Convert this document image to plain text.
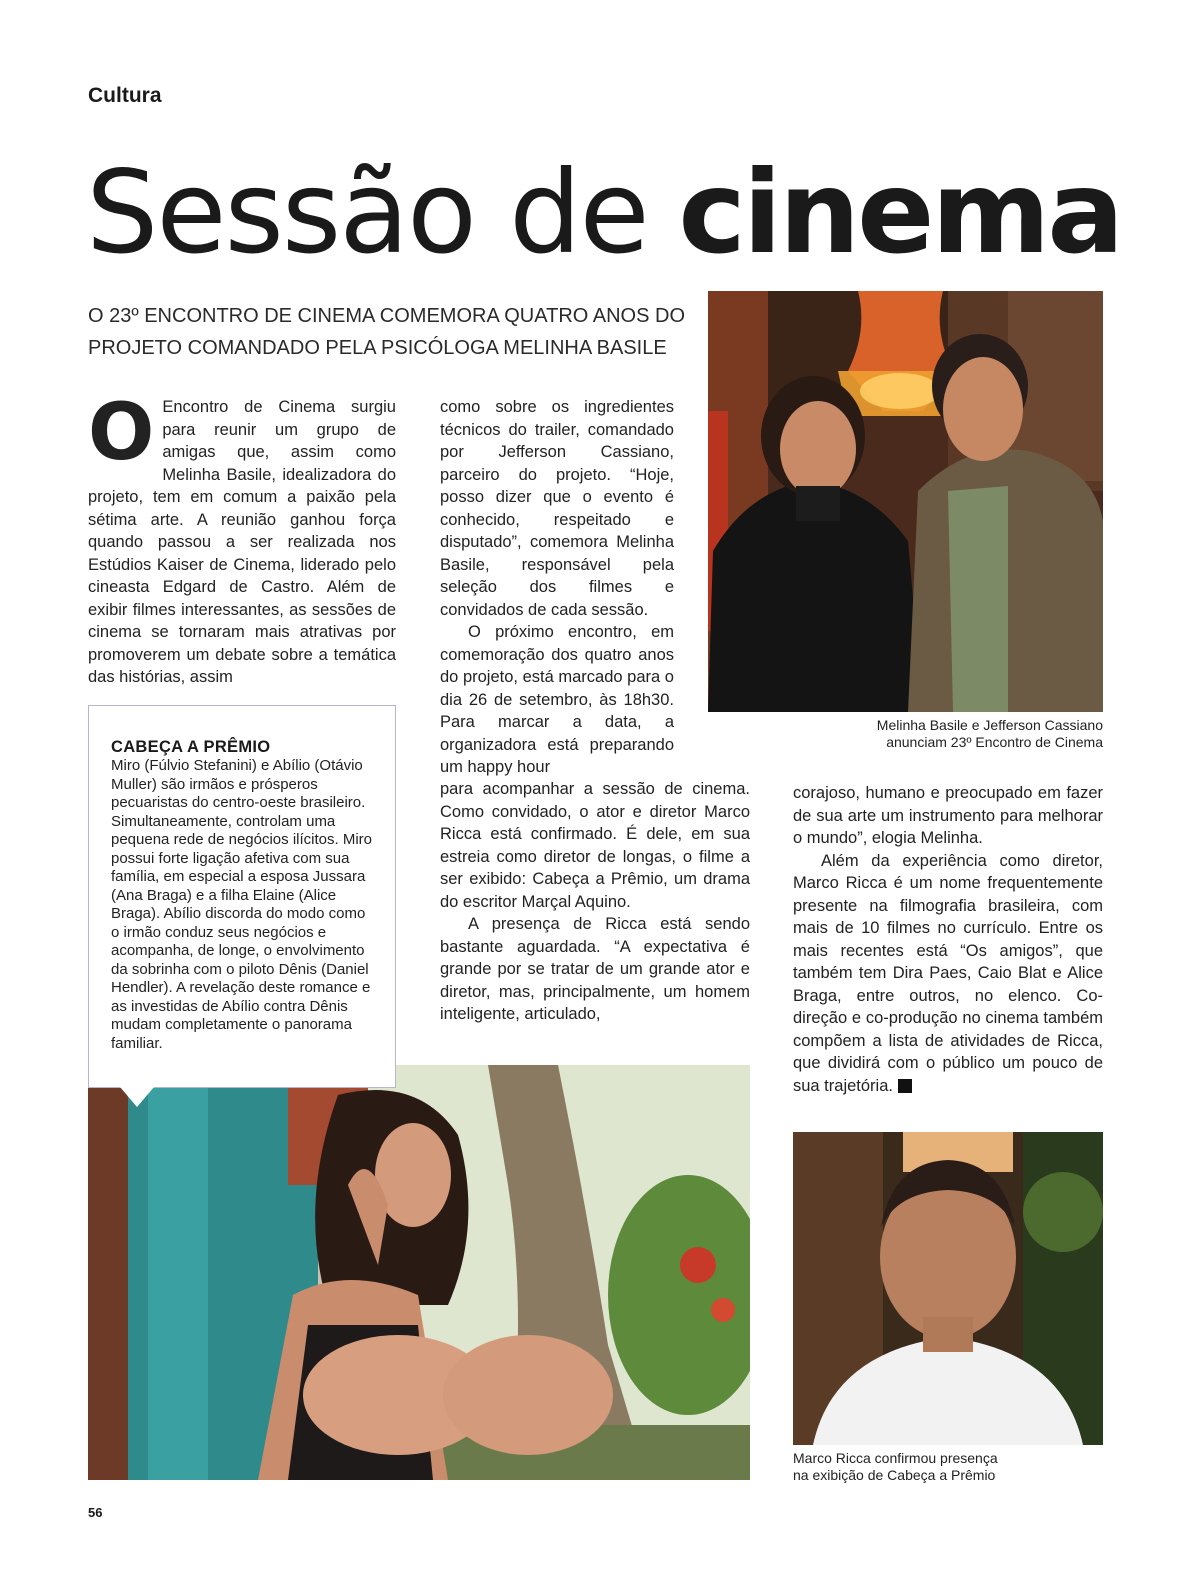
Cultura
Sessão de cinema
O 23º ENCONTRO DE CINEMA COMEMORA QUATRO ANOS DO
PROJETO COMANDADO PELA PSICÓLOGA MELINHA BASILE
Melinha Basile e Jefferson Cassiano
anunciam 23º Encontro de Cinema
O Encontro de Cinema surgiu para reunir um grupo de amigas que, assim como Melinha Basile, idealizadora do projeto, tem em comum a paixão pela sétima arte. A reunião ganhou força quando passou a ser realizada nos Estúdios Kaiser de Cinema, liderado pelo cineasta Edgard de Castro. Além de exibir filmes interessantes, as sessões de cinema se tornaram mais atrativas por promoverem um debate sobre a temática das histórias, assim

como sobre os ingredientes técnicos do trailer, comandado por Jefferson Cassiano, parceiro do projeto. “Hoje, posso dizer que o evento é conhecido, respeitado e disputado”, comemora Melinha Basile, responsável pela seleção dos filmes e convidados de cada sessão.

O próximo encontro, em comemoração dos quatro anos do projeto, está marcado para o dia 26 de setembro, às 18h30. Para marcar a data, a organizadora está preparando um happy hour

para acompanhar a sessão de cinema. Como convidado, o ator e diretor Marco Ricca está confirmado. É dele, em sua estreia como diretor de longas, o filme a ser exibido: Cabeça a Prêmio, um drama do escritor Marçal Aquino.

A presença de Ricca está sendo bastante aguardada. “A expectativa é grande por se tratar de um grande ator e diretor, mas, principalmente, um homem inteligente, articulado,

corajoso, humano e preocupado em fazer de sua arte um instrumento para melhorar o mundo”, elogia Melinha.

Além da experiência como diretor, Marco Ricca é um nome frequentemente presente na filmografia brasileira, com mais de 10 filmes no currículo. Entre os mais recentes está “Os amigos”, que também tem Dira Paes, Caio Blat e Alice Braga, entre outros, no elenco. Co-direção e co-produção no cinema também compõem a lista de atividades de Ricca, que dividirá com o público um pouco de sua trajetória.	r

CABEÇA A PRÊMIO

Miro (Fúlvio Stefanini) e Abílio (Otávio Muller) são irmãos e prósperos pecuaristas do centro-oeste brasileiro. Simultaneamente, controlam uma pequena rede de negócios ilícitos. Miro possui forte ligação afetiva com sua família, em especial a esposa Jussara (Ana Braga) e a filha Elaine (Alice Braga). Abílio discorda do modo como o irmão conduz seus negócios e acompanha, de longe, o envolvimento da sobrinha com o piloto Dênis (Daniel Hendler). A revelação deste romance e as investidas de Abílio contra Dênis mudam completamente o panorama familiar.

Marco Ricca confirmou presença
na exibição de Cabeça a Prêmio
56
